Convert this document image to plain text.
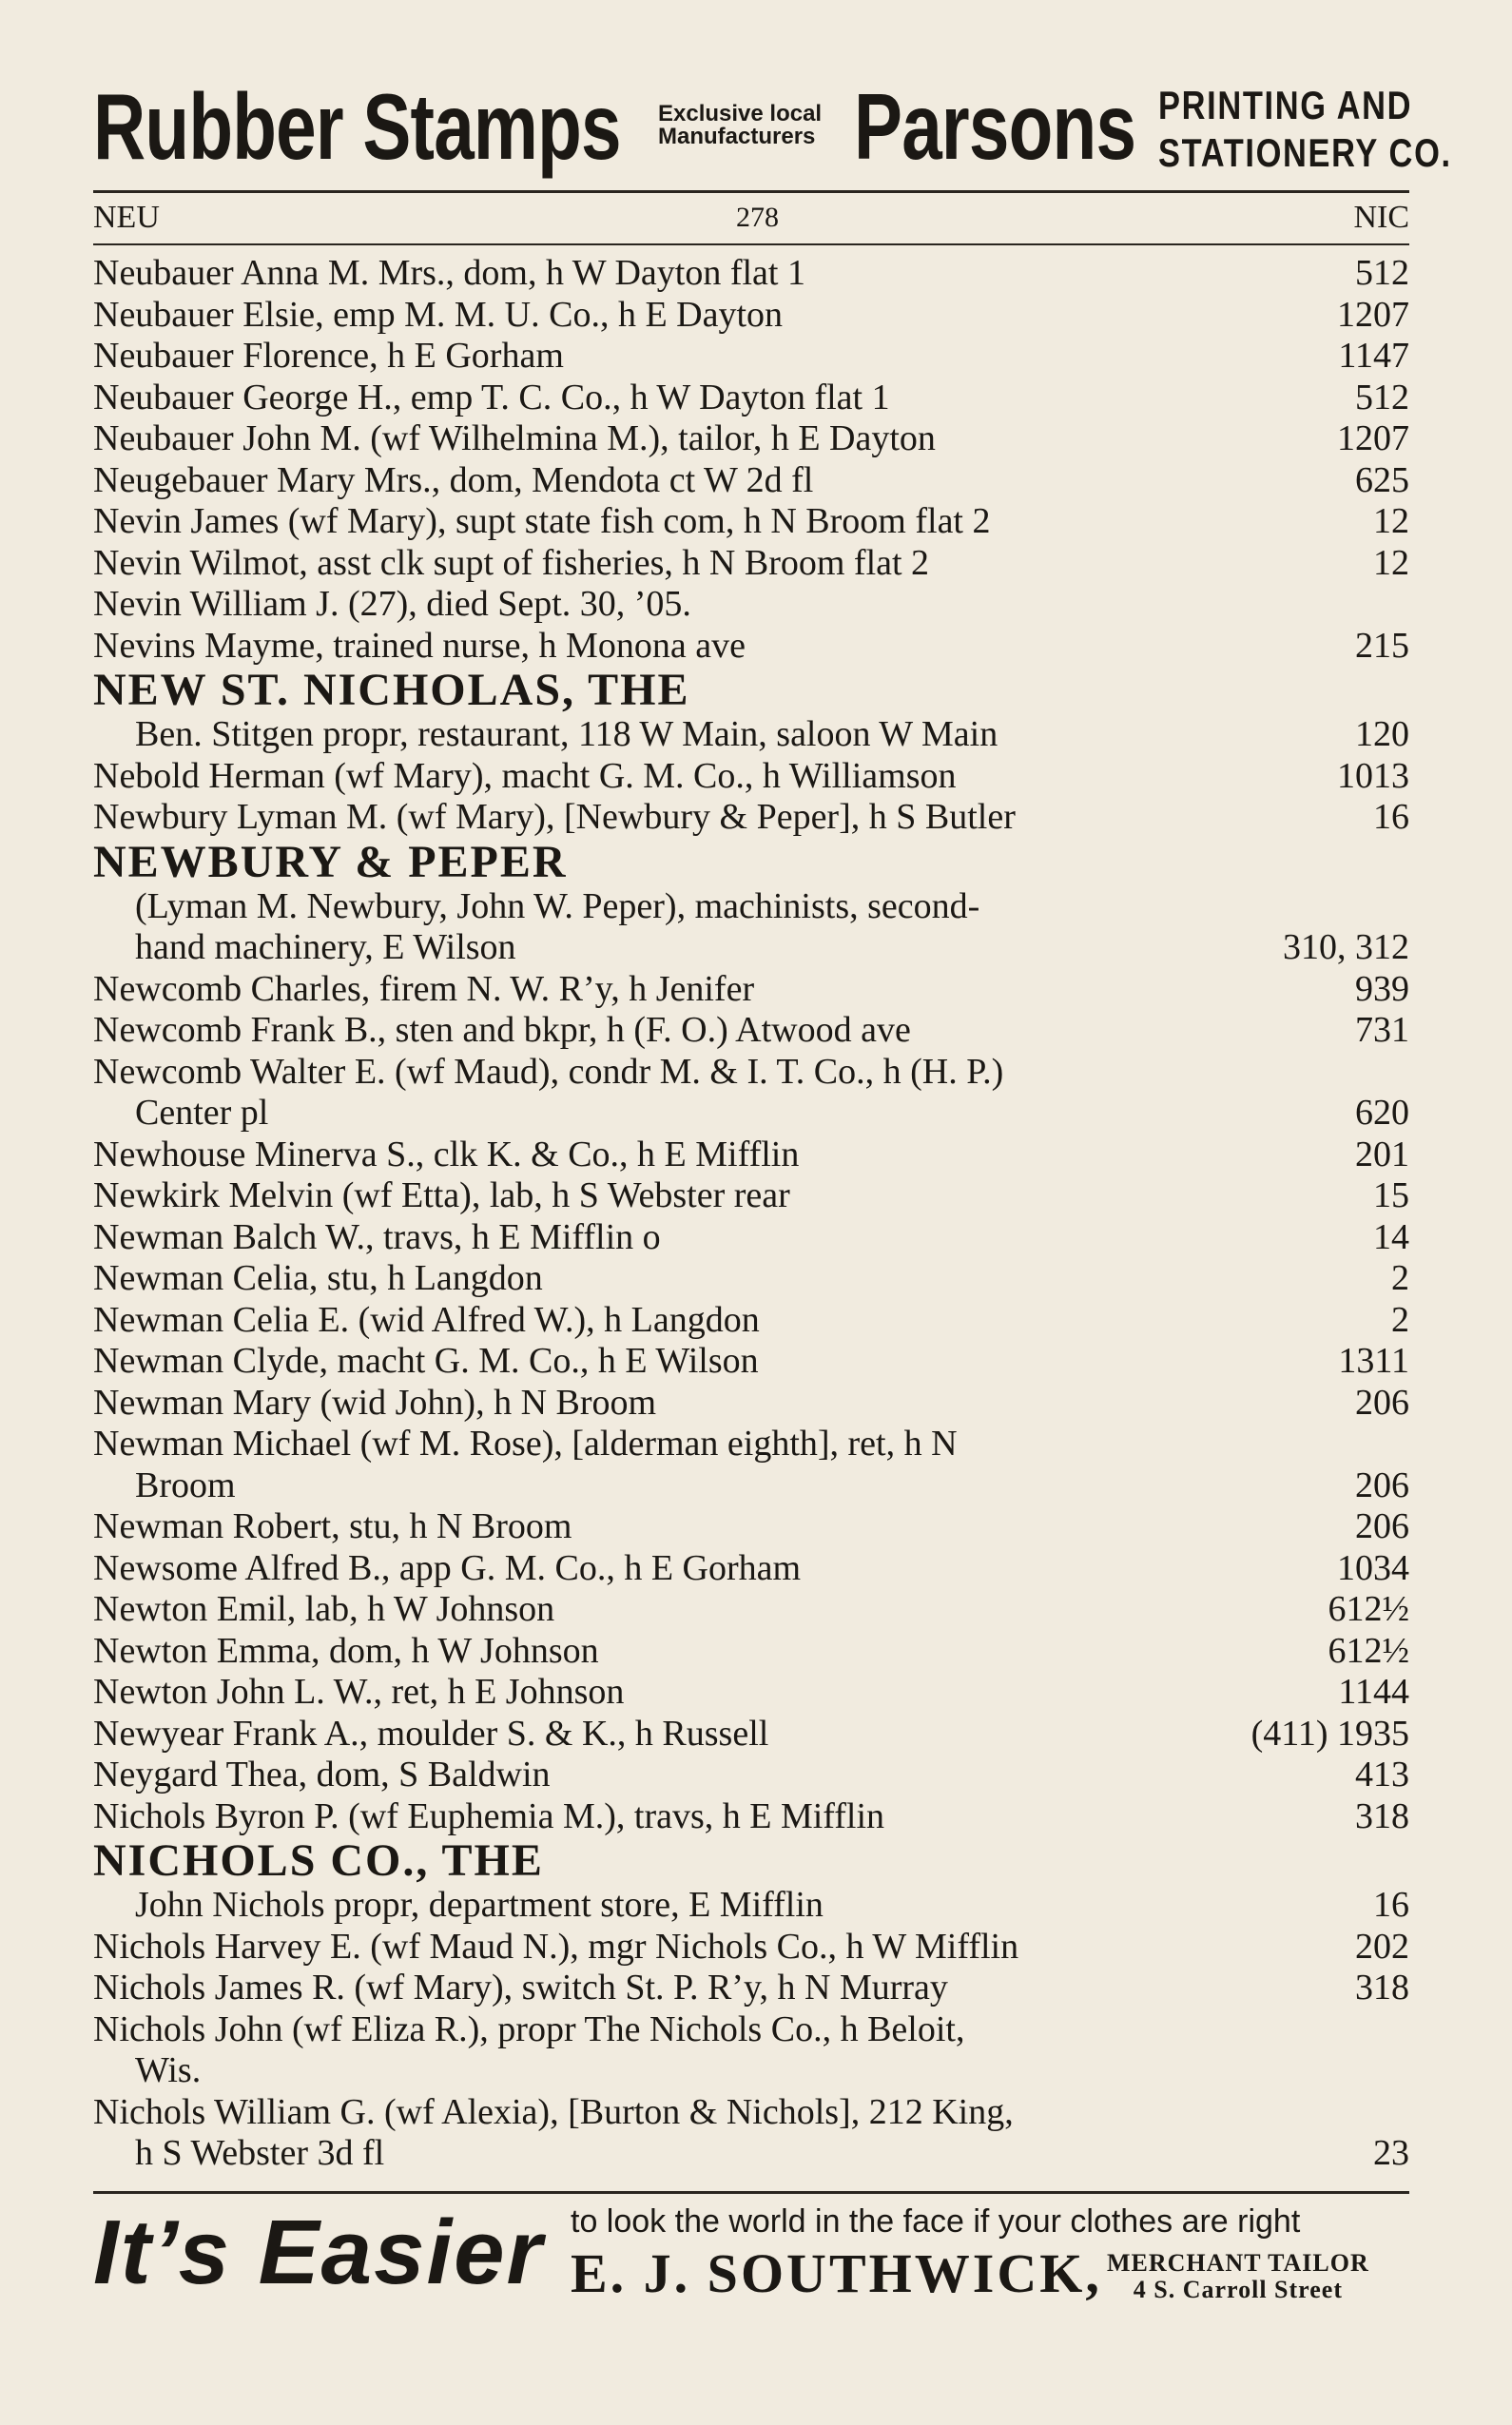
Rubber Stamps Exclusive local
Manufacturers Parsons PRINTING AND
STATIONERY CO.
NEU	278	NIC
Neubauer Anna M. Mrs., dom, h W Dayton flat 1	512
Neubauer Elsie, emp M. M. U. Co., h E Dayton	1207
Neubauer Florence, h E Gorham	1147
Neubauer George H., emp T. C. Co., h W Dayton flat 1	512
Neubauer John M. (wf Wilhelmina M.), tailor, h E Dayton	1207
Neugebauer Mary Mrs., dom, Mendota ct W 2d fl	625
Nevin James (wf Mary), supt state fish com, h N Broom flat 2	12
Nevin Wilmot, asst clk supt of fisheries, h N Broom flat 2	12
Nevin William J. (27), died Sept. 30, ’05.
Nevins Mayme, trained nurse, h Monona ave	215
NEW ST. NICHOLAS, THE
Ben. Stitgen propr, restaurant, 118 W Main, saloon W Main	120
Nebold Herman (wf Mary), macht G. M. Co., h Williamson	1013
Newbury Lyman M. (wf Mary), [Newbury & Peper], h S Butler	16
NEWBURY & PEPER
(Lyman M. Newbury, John W. Peper), machinists, second-
hand machinery, E Wilson	310, 312
Newcomb Charles, firem N. W. R’y, h Jenifer	939
Newcomb Frank B., sten and bkpr, h (F. O.) Atwood ave	731
Newcomb Walter E. (wf Maud), condr M. & I. T. Co., h (H. P.)
Center pl	620
Newhouse Minerva S., clk K. & Co., h E Mifflin	201
Newkirk Melvin (wf Etta), lab, h S Webster rear	15
Newman Balch W., travs, h E Mifflin o	14
Newman Celia, stu, h Langdon	2
Newman Celia E. (wid Alfred W.), h Langdon	2
Newman Clyde, macht G. M. Co., h E Wilson	1311
Newman Mary (wid John), h N Broom	206
Newman Michael (wf M. Rose), [alderman eighth], ret, h N
Broom	206
Newman Robert, stu, h N Broom	206
Newsome Alfred B., app G. M. Co., h E Gorham	1034
Newton Emil, lab, h W Johnson	612½
Newton Emma, dom, h W Johnson	612½
Newton John L. W., ret, h E Johnson	1144
Newyear Frank A., moulder S. & K., h Russell	(411) 1935
Neygard Thea, dom, S Baldwin	413
Nichols Byron P. (wf Euphemia M.), travs, h E Mifflin	318
NICHOLS CO., THE
John Nichols propr, department store, E Mifflin	16
Nichols Harvey E. (wf Maud N.), mgr Nichols Co., h W Mifflin	202
Nichols James R. (wf Mary), switch St. P. R’y, h N Murray	318
Nichols John (wf Eliza R.), propr The Nichols Co., h Beloit,
Wis.
Nichols William G. (wf Alexia), [Burton & Nichols], 212 King,
h S Webster 3d fl	23
It’s Easier to look the world in the face if your clothes are right
E. J. SOUTHWICK, MERCHANT TAILOR
4 S. Carroll Street
